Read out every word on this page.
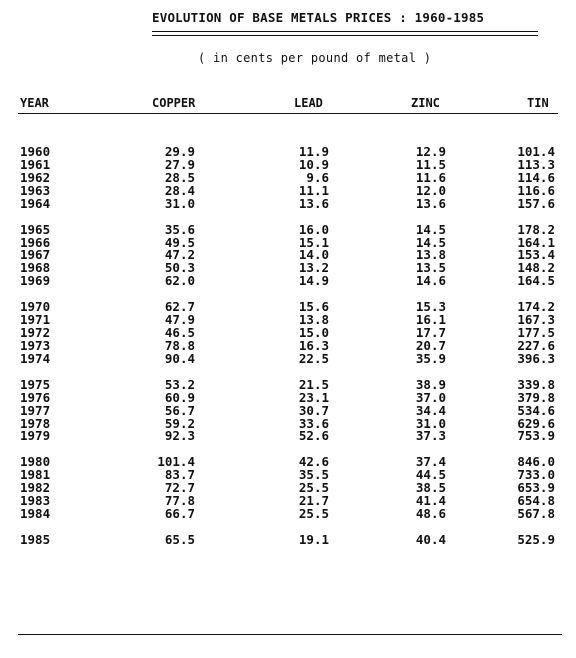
EVOLUTION OF BASE METALS PRICES : 1960-1985
( in cents per pound of metal )
YEAR	COPPER	LEAD	ZINC	TIN
1960	29.9	11.9	12.9	101.4
1961	27.9	10.9	11.5	113.3
1962	28.5	9.6	11.6	114.6
1963	28.4	11.1	12.0	116.6
1964	31.0	13.6	13.6	157.6
1965	35.6	16.0	14.5	178.2
1966	49.5	15.1	14.5	164.1
1967	47.2	14.0	13.8	153.4
1968	50.3	13.2	13.5	148.2
1969	62.0	14.9	14.6	164.5
1970	62.7	15.6	15.3	174.2
1971	47.9	13.8	16.1	167.3
1972	46.5	15.0	17.7	177.5
1973	78.8	16.3	20.7	227.6
1974	90.4	22.5	35.9	396.3
1975	53.2	21.5	38.9	339.8
1976	60.9	23.1	37.0	379.8
1977	56.7	30.7	34.4	534.6
1978	59.2	33.6	31.0	629.6
1979	92.3	52.6	37.3	753.9
1980	101.4	42.6	37.4	846.0
1981	83.7	35.5	44.5	733.0
1982	72.7	25.5	38.5	653.9
1983	77.8	21.7	41.4	654.8
1984	66.7	25.5	48.6	567.8
1985	65.5	19.1	40.4	525.9
